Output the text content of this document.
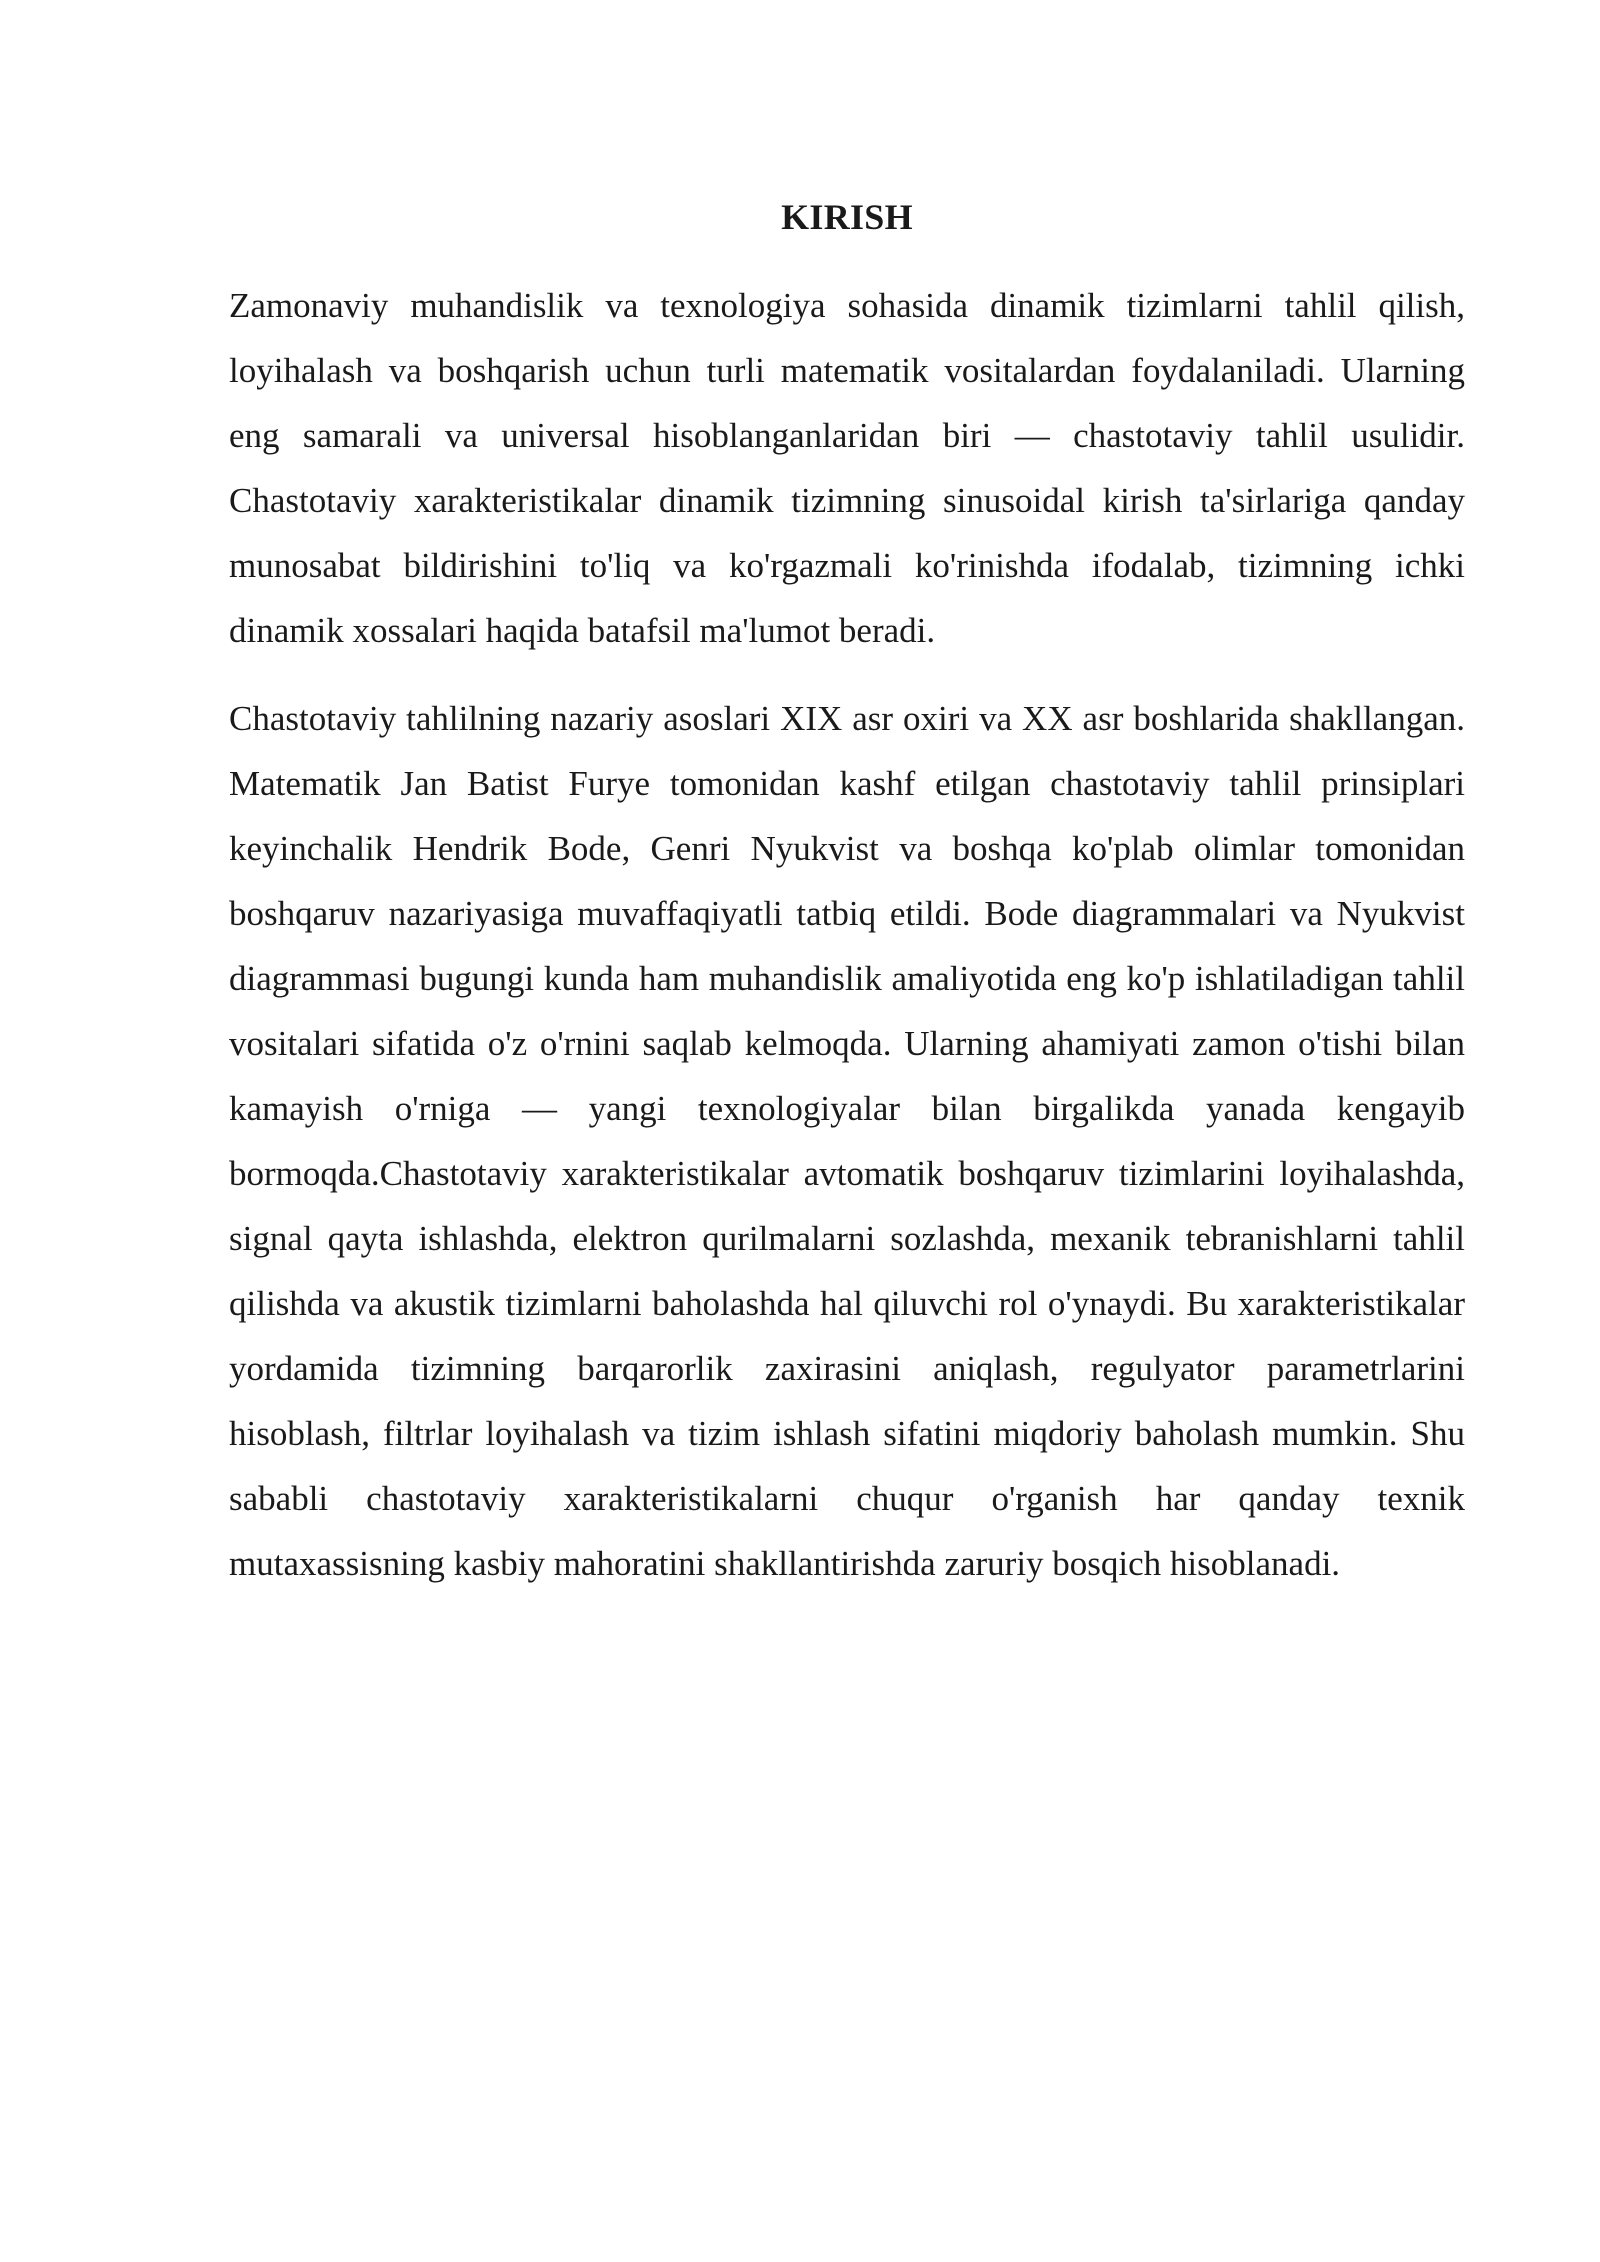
KIRISH

Zamonaviy muhandislik va texnologiya sohasida dinamik tizimlarni tahlil qilish, loyihalash va boshqarish uchun turli matematik vositalardan foydalaniladi. Ularning eng samarali va universal hisoblanganlaridan biri — chastotaviy tahlil usulidir. Chastotaviy xarakteristikalar dinamik tizimning sinusoidal kirish ta'sirlariga qanday munosabat bildirishini to'liq va ko'rgazmali ko'rinishda ifodalab, tizimning ichki dinamik xossalari haqida batafsil ma'lumot beradi.

Chastotaviy tahlilning nazariy asoslari XIX asr oxiri va XX asr boshlarida shakllangan. Matematik Jan Batist Furye tomonidan kashf etilgan chastotaviy tahlil prinsiplari keyinchalik Hendrik Bode, Genri Nyukvist va boshqa ko'plab olimlar tomonidan boshqaruv nazariyasiga muvaffaqiyatli tatbiq etildi. Bode diagrammalari va Nyukvist diagrammasi bugungi kunda ham muhandislik amaliyotida eng ko'p ishlatiladigan tahlil vositalari sifatida o'z o'rnini saqlab kelmoqda. Ularning ahamiyati zamon o'tishi bilan kamayish o'rniga — yangi texnologiyalar bilan birgalikda yanada kengayib bormoqda.Chastotaviy xarakteristikalar avtomatik boshqaruv tizimlarini loyihalashda, signal qayta ishlashda, elektron qurilmalarni sozlashda, mexanik tebranishlarni tahlil qilishda va akustik tizimlarni baholashda hal qiluvchi rol o'ynaydi. Bu xarakteristikalar yordamida tizimning barqarorlik zaxirasini aniqlash, regulyator parametrlarini hisoblash, filtrlar loyihalash va tizim ishlash sifatini miqdoriy baholash mumkin. Shu sababli chastotaviy xarakteristikalarni chuqur o'rganish har qanday texnik mutaxassisning kasbiy mahoratini shakllantirishda zaruriy bosqich hisoblanadi.
